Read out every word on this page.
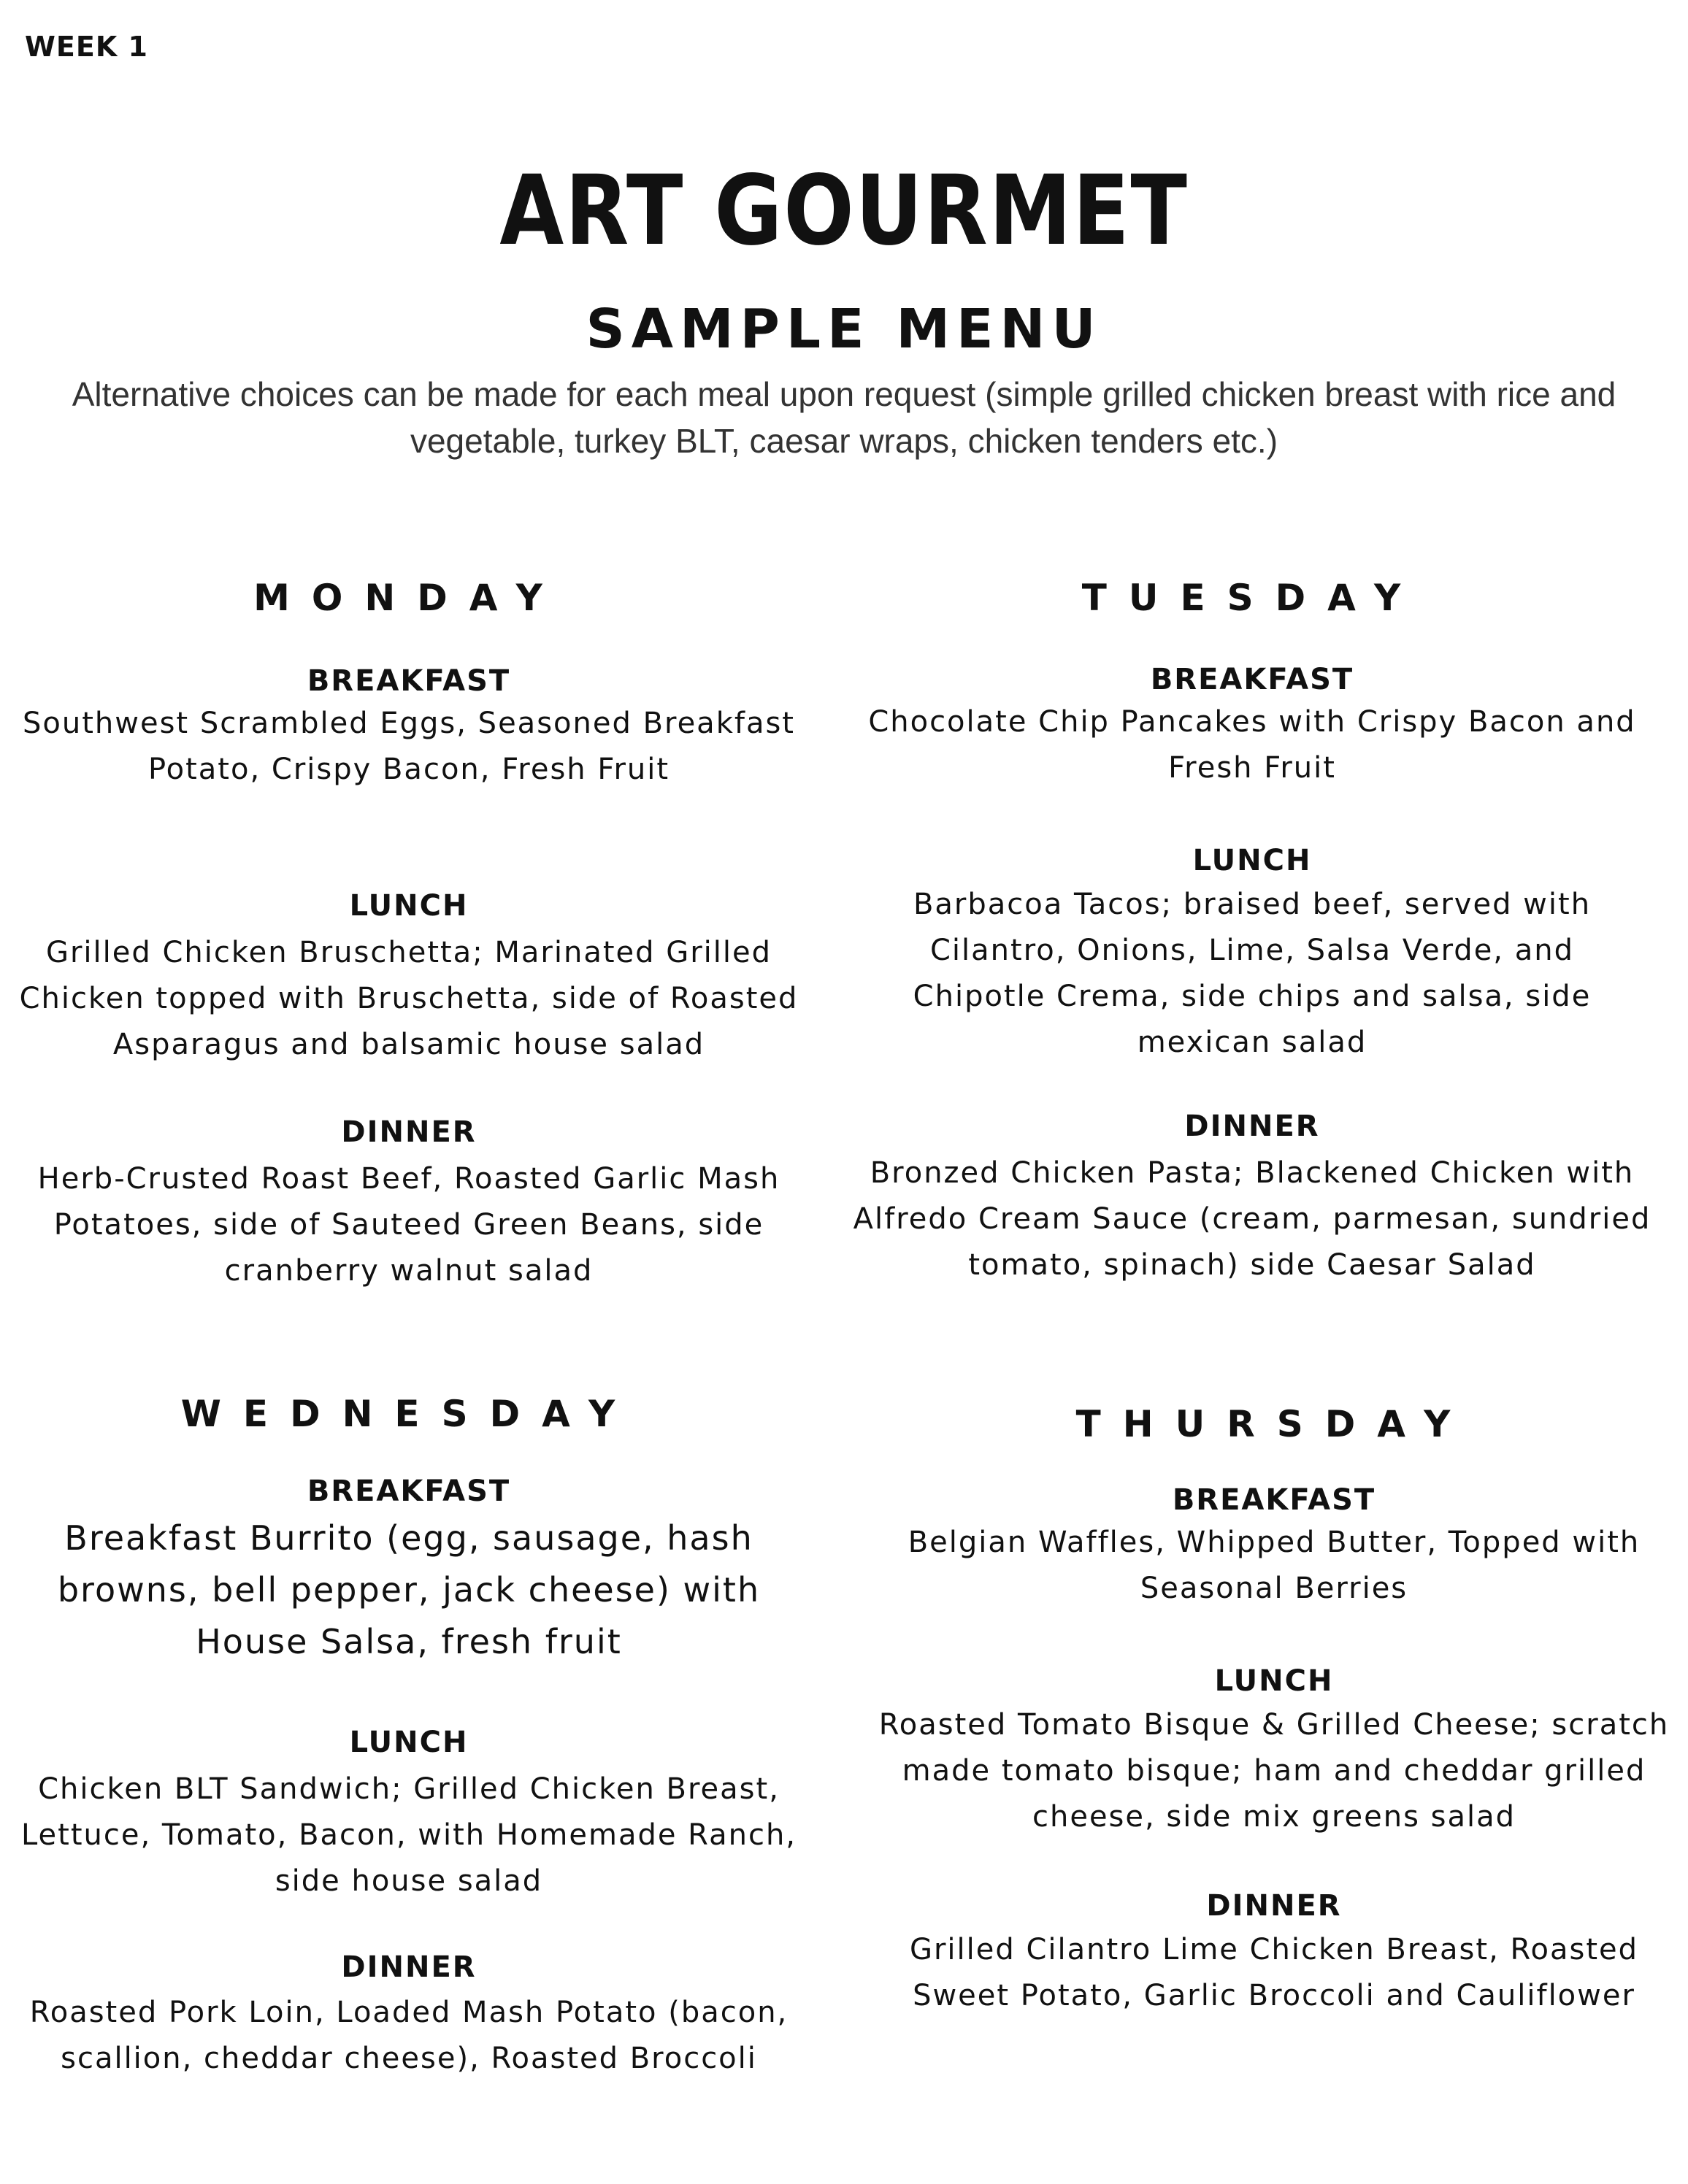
WEEK 1
ART GOURMET
SAMPLE MENU
Alternative choices can be made for each meal upon request (simple grilled chicken breast with rice and vegetable, turkey BLT, caesar wraps, chicken tenders etc.)
MONDAY
BREAKFAST
Southwest Scrambled Eggs, Seasoned Breakfast Potato, Crispy Bacon, Fresh Fruit
LUNCH
Grilled Chicken Bruschetta; Marinated Grilled Chicken topped with Bruschetta, side of Roasted Asparagus and balsamic house salad
DINNER
Herb-Crusted Roast Beef, Roasted Garlic Mash Potatoes, side of Sauteed Green Beans, side cranberry walnut salad
TUESDAY
BREAKFAST
Chocolate Chip Pancakes with Crispy Bacon and Fresh Fruit
LUNCH
Barbacoa Tacos; braised beef, served with Cilantro, Onions, Lime, Salsa Verde, and Chipotle Crema, side chips and salsa, side mexican salad
DINNER
Bronzed Chicken Pasta; Blackened Chicken with Alfredo Cream Sauce (cream, parmesan, sundried tomato, spinach) side Caesar Salad
WEDNESDAY
BREAKFAST
Breakfast Burrito (egg, sausage, hash browns, bell pepper, jack cheese) with House Salsa, fresh fruit
LUNCH
Chicken BLT Sandwich; Grilled Chicken Breast, Lettuce, Tomato, Bacon, with Homemade Ranch, side house salad
DINNER
Roasted Pork Loin, Loaded Mash Potato (bacon, scallion, cheddar cheese), Roasted Broccoli
THURSDAY
BREAKFAST
Belgian Waffles, Whipped Butter, Topped with Seasonal Berries
LUNCH
Roasted Tomato Bisque & Grilled Cheese; scratch made tomato bisque; ham and cheddar grilled cheese, side mix greens salad
DINNER
Grilled Cilantro Lime Chicken Breast, Roasted Sweet Potato, Garlic Broccoli and Cauliflower
